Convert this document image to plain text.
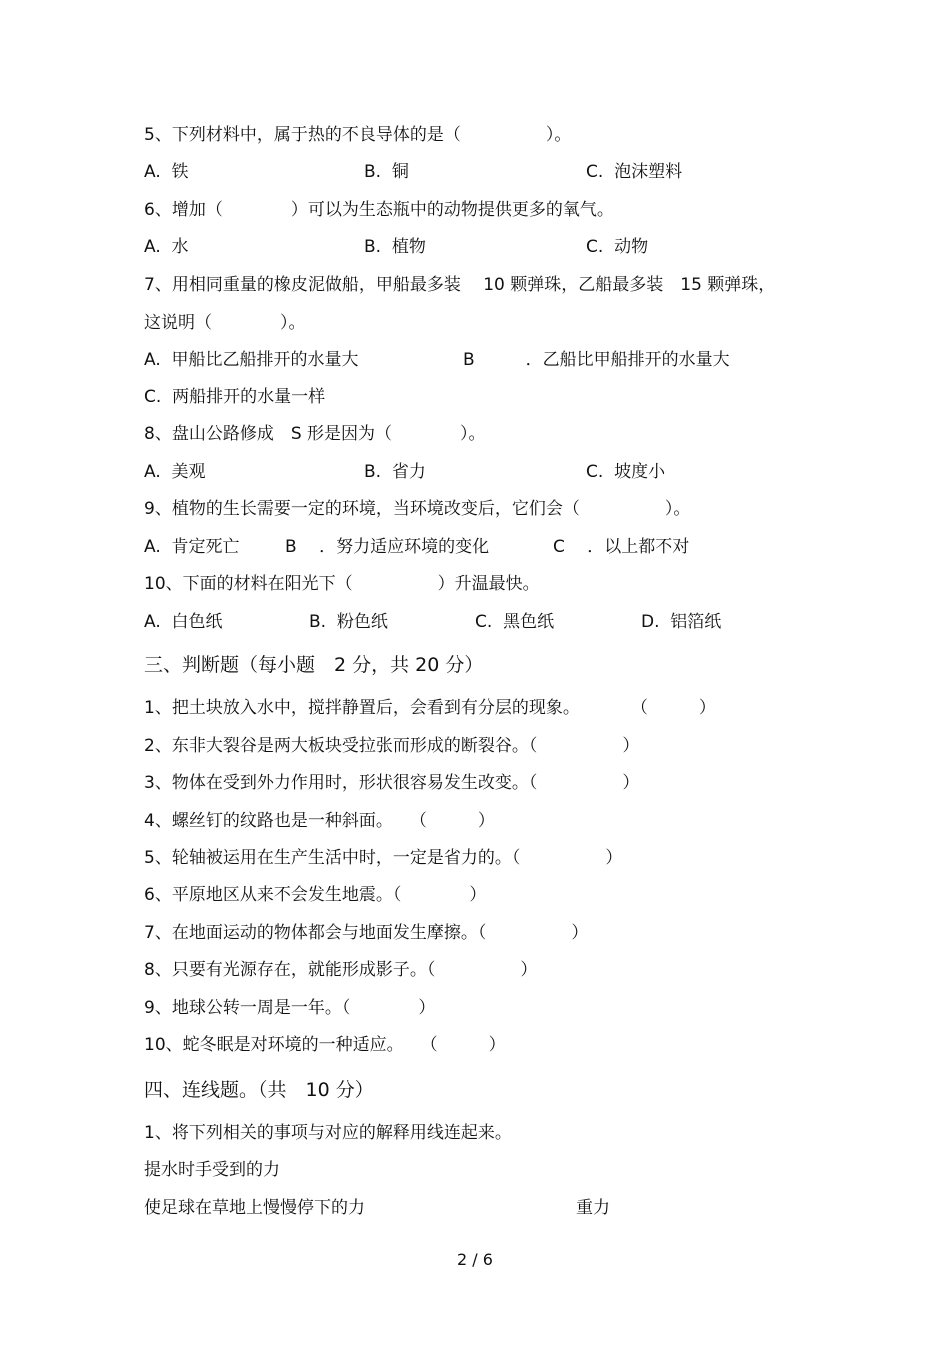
5、下列材料中，属于热的不良导体的是（　　　　　）。
A.  铁	B.  铜	C.  泡沫塑料
6、增加（　　　　）可以为生态瓶中的动物提供更多的氧气。
A.  水	B.  植物	C.  动物
7、用相同重量的橡皮泥做船，甲船最多装　 10 颗弹珠，乙船最多装　15 颗弹珠，
这说明（　　　　）。
A.  甲船比乙船排开的水量大	B　　　．乙船比甲船排开的水量大
C.  两船排开的水量一样
8、盘山公路修成　S 形是因为（　　　　）。
A.  美观	B.  省力	C.  坡度小
9、植物的生长需要一定的环境，当环境改变后，它们会（　　　　　）。
A.  肯定死亡	B　 ．努力适应环境的变化	C　 ．以上都不对
10、下面的材料在阳光下（　　　　　）升温最快。
A.  白色纸	B.  粉色纸	C.  黑色纸	D.  铝箔纸
三、判断题（每小题　2 分，共 20 分）
1、把土块放入水中，搅拌静置后，会看到有分层的现象。　　　　（　　　）
2、东非大裂谷是两大板块受拉张而形成的断裂谷。（　　　　　）
3、物体在受到外力作用时，形状很容易发生改变。（　　　　　）
4、螺丝钉的纹路也是一种斜面。　　（　　　）
5、轮轴被运用在生产生活中时，一定是省力的。（　　　　　）
6、平原地区从来不会发生地震。（　　　　）
7、在地面运动的物体都会与地面发生摩擦。（　　　　　）
8、只要有光源存在，就能形成影子。（　　　　　）
9、地球公转一周是一年。（　　　　）
10、蛇冬眠是对环境的一种适应。　　（　　　）
四、连线题。（共　10 分）
1、将下列相关的事项与对应的解释用线连起来。
提水时手受到的力
使足球在草地上慢慢停下的力	重力
2 / 6
